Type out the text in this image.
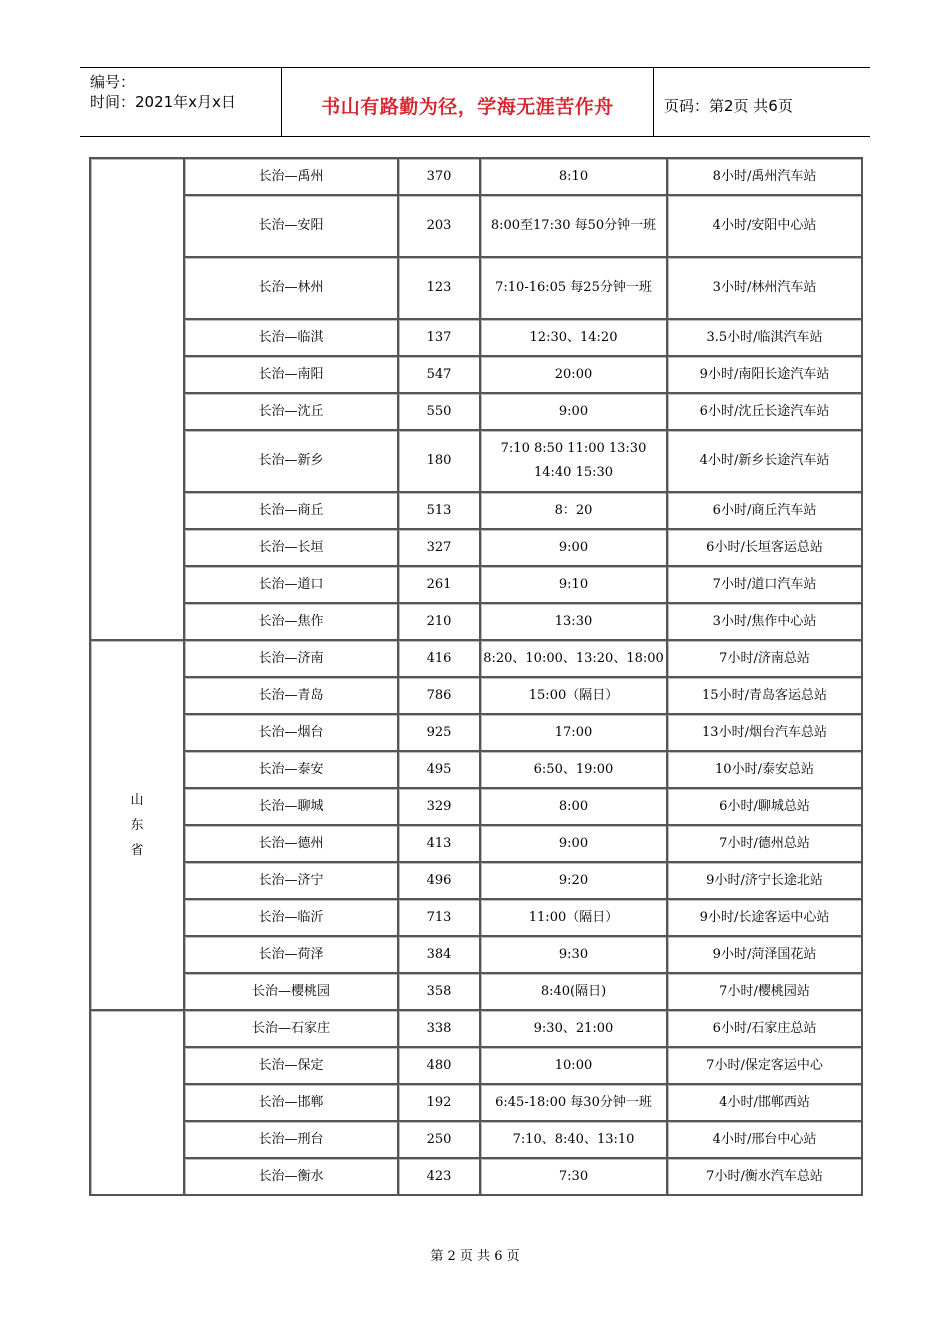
编号：
时间：2021年x月x日	书山有路勤为径，学海无涯苦作舟	页码：第2页 共6页
	长治—禹州	370	8:10	8小时/禹州汽车站
	长治—安阳	203	8:00至17:30 每50分钟一班	4小时/安阳中心站
	长治—林州	123	7:10-16:05 每25分钟一班	3小时/林州汽车站
	长治—临淇	137	12:30、14:20	3.5小时/临淇汽车站
	长治—南阳	547	20:00	9小时/南阳长途汽车站
	长治—沈丘	550	9:00	6小时/沈丘长途汽车站
	长治—新乡	180	7:10 8:50 11:00 13:30 14:40 15:30	4小时/新乡长途汽车站
	长治—商丘	513	8：20	6小时/商丘汽车站
	长治—长垣	327	9:00	6小时/长垣客运总站
	长治—道口	261	9:10	7小时/道口汽车站
	长治—焦作	210	13:30	3小时/焦作中心站
山东省	长治—济南	416	8:20、10:00、13:20、18:00	7小时/济南总站
	长治—青岛	786	15:00（隔日）	15小时/青岛客运总站
	长治—烟台	925	17:00	13小时/烟台汽车总站
	长治—泰安	495	6:50、19:00	10小时/泰安总站
	长治—聊城	329	8:00	6小时/聊城总站
	长治—德州	413	9:00	7小时/德州总站
	长治—济宁	496	9:20	9小时/济宁长途北站
	长治—临沂	713	11:00（隔日）	9小时/长途客运中心站
	长治—荷泽	384	9:30	9小时/菏泽国花站
	长治—樱桃园	358	8:40(隔日)	7小时/樱桃园站
	长治—石家庄	338	9:30、21:00	6小时/石家庄总站
	长治—保定	480	10:00	7小时/保定客运中心
	长治—邯郸	192	6:45-18:00 每30分钟一班	4小时/邯郸西站
	长治—刑台	250	7:10、8:40、13:10	4小时/邢台中心站
	长治—衡水	423	7:30	7小时/衡水汽车总站
第 2 页 共 6 页
